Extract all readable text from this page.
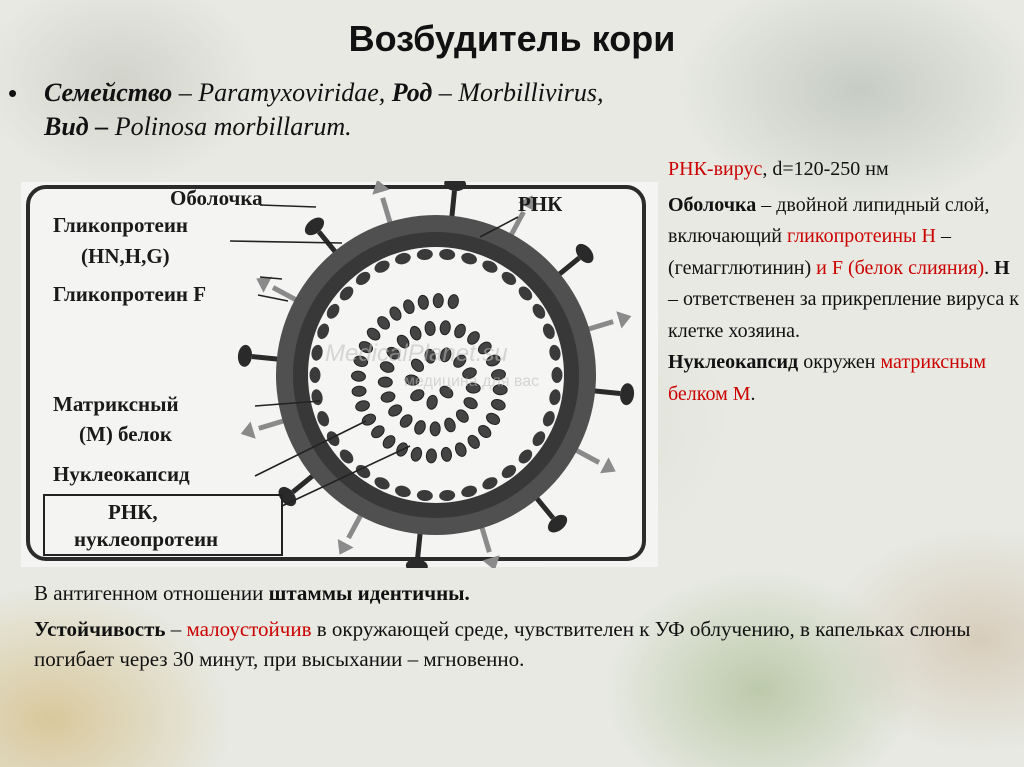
Возбудитель кори
•	Семейство – Paramyxoviridae, Род – Morbillivirus,
Вид – Polinosa morbillarum.
MedicalPlanet.su
медицина для вас
Оболочка
Гликопротеин
(HN,H,G)
Гликопротеин F
Матриксный
(M) белок
Нуклеокапсид
РНК,
нуклеопротеин
РНК

РНК-вирус, d=120-250 нм

Оболочка – двойной липидный слой, включающий гликопротеины H – (гемагглютинин) и F (белок слияния). H – ответственен за прикрепление вируса к клетке хозяина.

Нуклеокапсид окружен матриксным белком М.

В антигенном отношении штаммы идентичны.

Устойчивость – малоустойчив в окружающей среде, чувствителен к УФ облучению, в капельках слюны погибает через 30 минут, при высыхании – мгновенно.
